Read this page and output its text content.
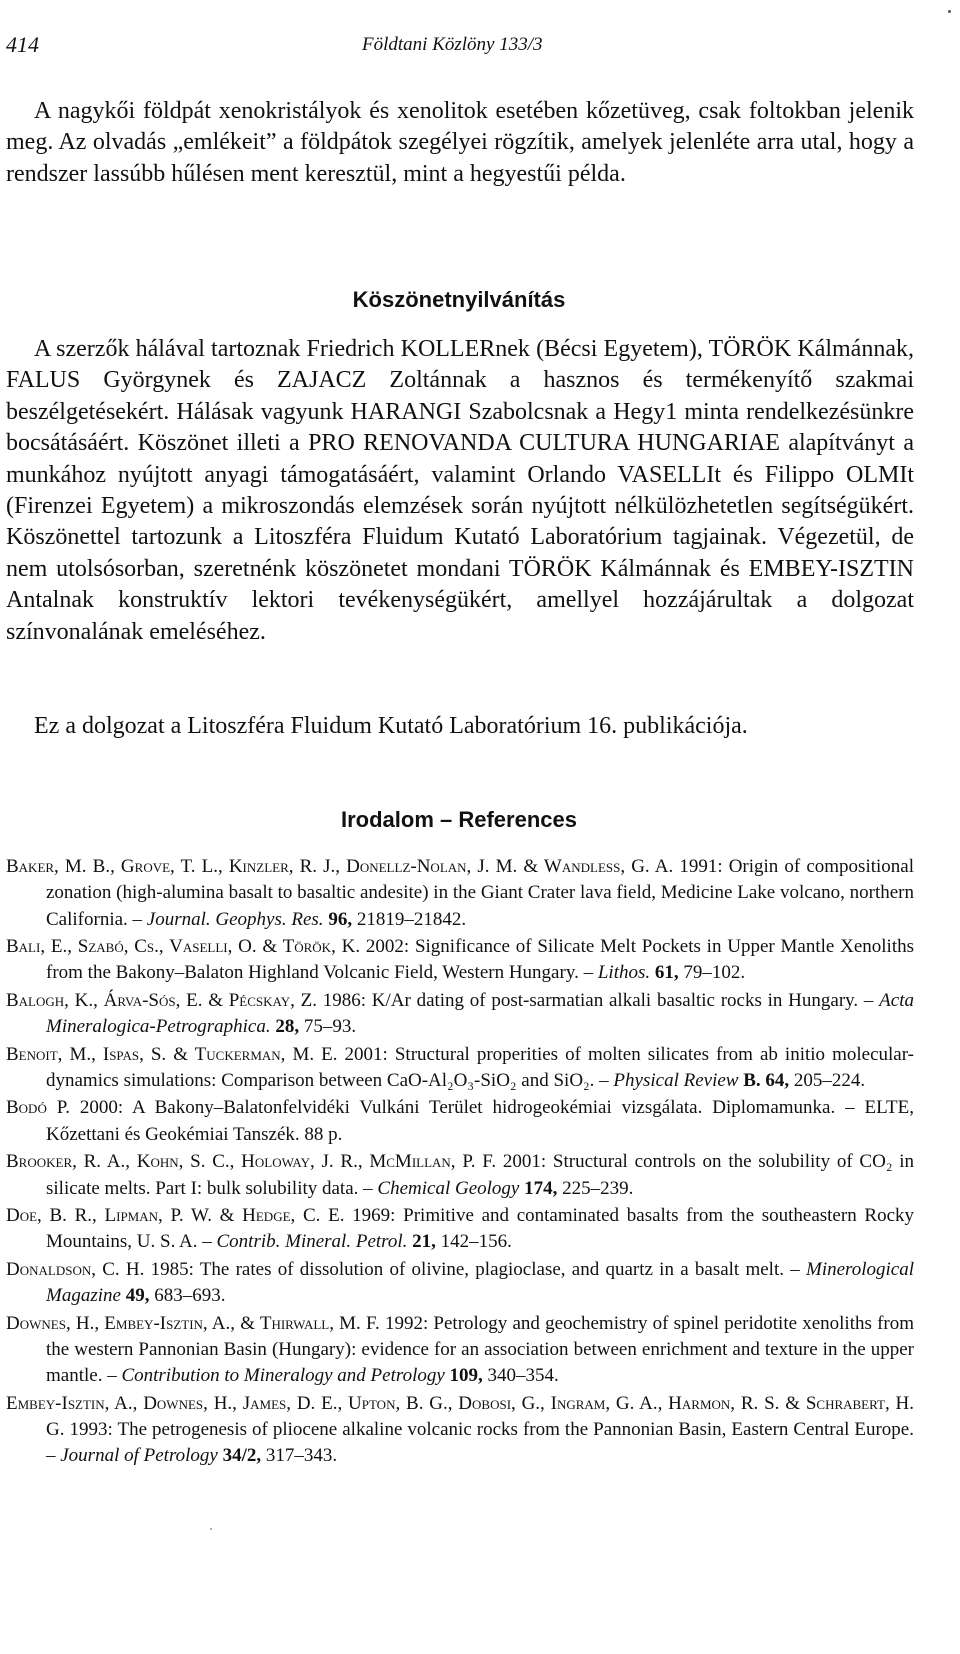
414	Földtani Közlöny 133/3

A nagykői földpát xenokristályok és xenolitok esetében kőzetüveg, csak foltokban jelenik meg. Az olvadás „emlékeit” a földpátok szegélyei rögzítik, amelyek jelenléte arra utal, hogy a rendszer lassúbb hűlésen ment keresztül, mint a hegyestűi példa.

Köszönetnyilvánítás

A szerzők hálával tartoznak Friedrich KOLLERnek (Bécsi Egyetem), TÖRÖK Kálmánnak, FALUS Györgynek és ZAJACZ Zoltánnak a hasznos és termékenyítő szakmai beszélgetésekért. Hálásak vagyunk HARANGI Szabolcsnak a Hegy1 minta rendelkezésünkre bocsátásáért. Köszönet illeti a PRO RENOVANDA CULTURA HUNGARIAE alapítványt a munkához nyújtott anyagi támogatásáért, valamint Orlando VASELLIt és Filippo OLMIt (Firenzei Egyetem) a mikroszondás elemzések során nyújtott nélkülözhetetlen segítségükért. Köszönettel tartozunk a Litoszféra Fluidum Kutató Laboratórium tagjainak. Végezetül, de nem utolsósorban, szeretnénk köszönetet mondani TÖRÖK Kálmánnak és EMBEY-ISZTIN Antalnak konstruktív lektori tevékenységükért, amellyel hozzájárultak a dolgozat színvonalának emeléséhez.

Ez a dolgozat a Litoszféra Fluidum Kutató Laboratórium 16. publikációja.
Irodalom – References

Baker, M. B., Grove, T. L., Kinzler, R. J., Donellz-Nolan, J. M. & Wandless, G. A. 1991: Origin of compositional zonation (high-alumina basalt to basaltic andesite) in the Giant Crater lava field, Medicine Lake volcano, northern California. – Journal. Geophys. Res. 96, 21819–21842.

Bali, E., Szabó, Cs., Vaselli, O. & Török, K. 2002: Significance of Silicate Melt Pockets in Upper Mantle Xenoliths from the Bakony–Balaton Highland Volcanic Field, Western Hungary. – Lithos. 61, 79–102.

Balogh, K., Árva-Sós, E. & Pécskay, Z. 1986: K/Ar dating of post-sarmatian alkali basaltic rocks in Hungary. – Acta Mineralogica-Petrographica. 28, 75–93.

Benoit, M., Ispas, S. & Tuckerman, M. E. 2001: Structural properities of molten silicates from ab initio molecular-dynamics simulations: Comparison between CaO-Al₂O₃-SiO₂ and SiO₂. – Physical Review B. 64, 205–224.

Bodó P. 2000: A Bakony–Balatonfelvidéki Vulkáni Terület hidrogeokémiai vizsgálata. Diplomamunka. – ELTE, Kőzettani és Geokémiai Tanszék. 88 p.

Brooker, R. A., Kohn, S. C., Holoway, J. R., McMillan, P. F. 2001: Structural controls on the solubility of CO₂ in silicate melts. Part I: bulk solubility data. – Chemical Geology 174, 225–239.

Doe, B. R., Lipman, P. W. & Hedge, C. E. 1969: Primitive and contaminated basalts from the southeastern Rocky Mountains, U. S. A. – Contrib. Mineral. Petrol. 21, 142–156.

Donaldson, C. H. 1985: The rates of dissolution of olivine, plagioclase, and quartz in a basalt melt. – Minerological Magazine 49, 683–693.

Downes, H., Embey-Isztin, A., & Thirwall, M. F. 1992: Petrology and geochemistry of spinel peridotite xenoliths from the western Pannonian Basin (Hungary): evidence for an association between enrichment and texture in the upper mantle. – Contribution to Mineralogy and Petrology 109, 340–354.

Embey-Isztin, A., Downes, H., James, D. E., Upton, B. G., Dobosi, G., Ingram, G. A., Harmon, R. S. & Schrabert, H. G. 1993: The petrogenesis of pliocene alkaline volcanic rocks from the Pannonian Basin, Eastern Central Europe. – Journal of Petrology 34/2, 317–343.
